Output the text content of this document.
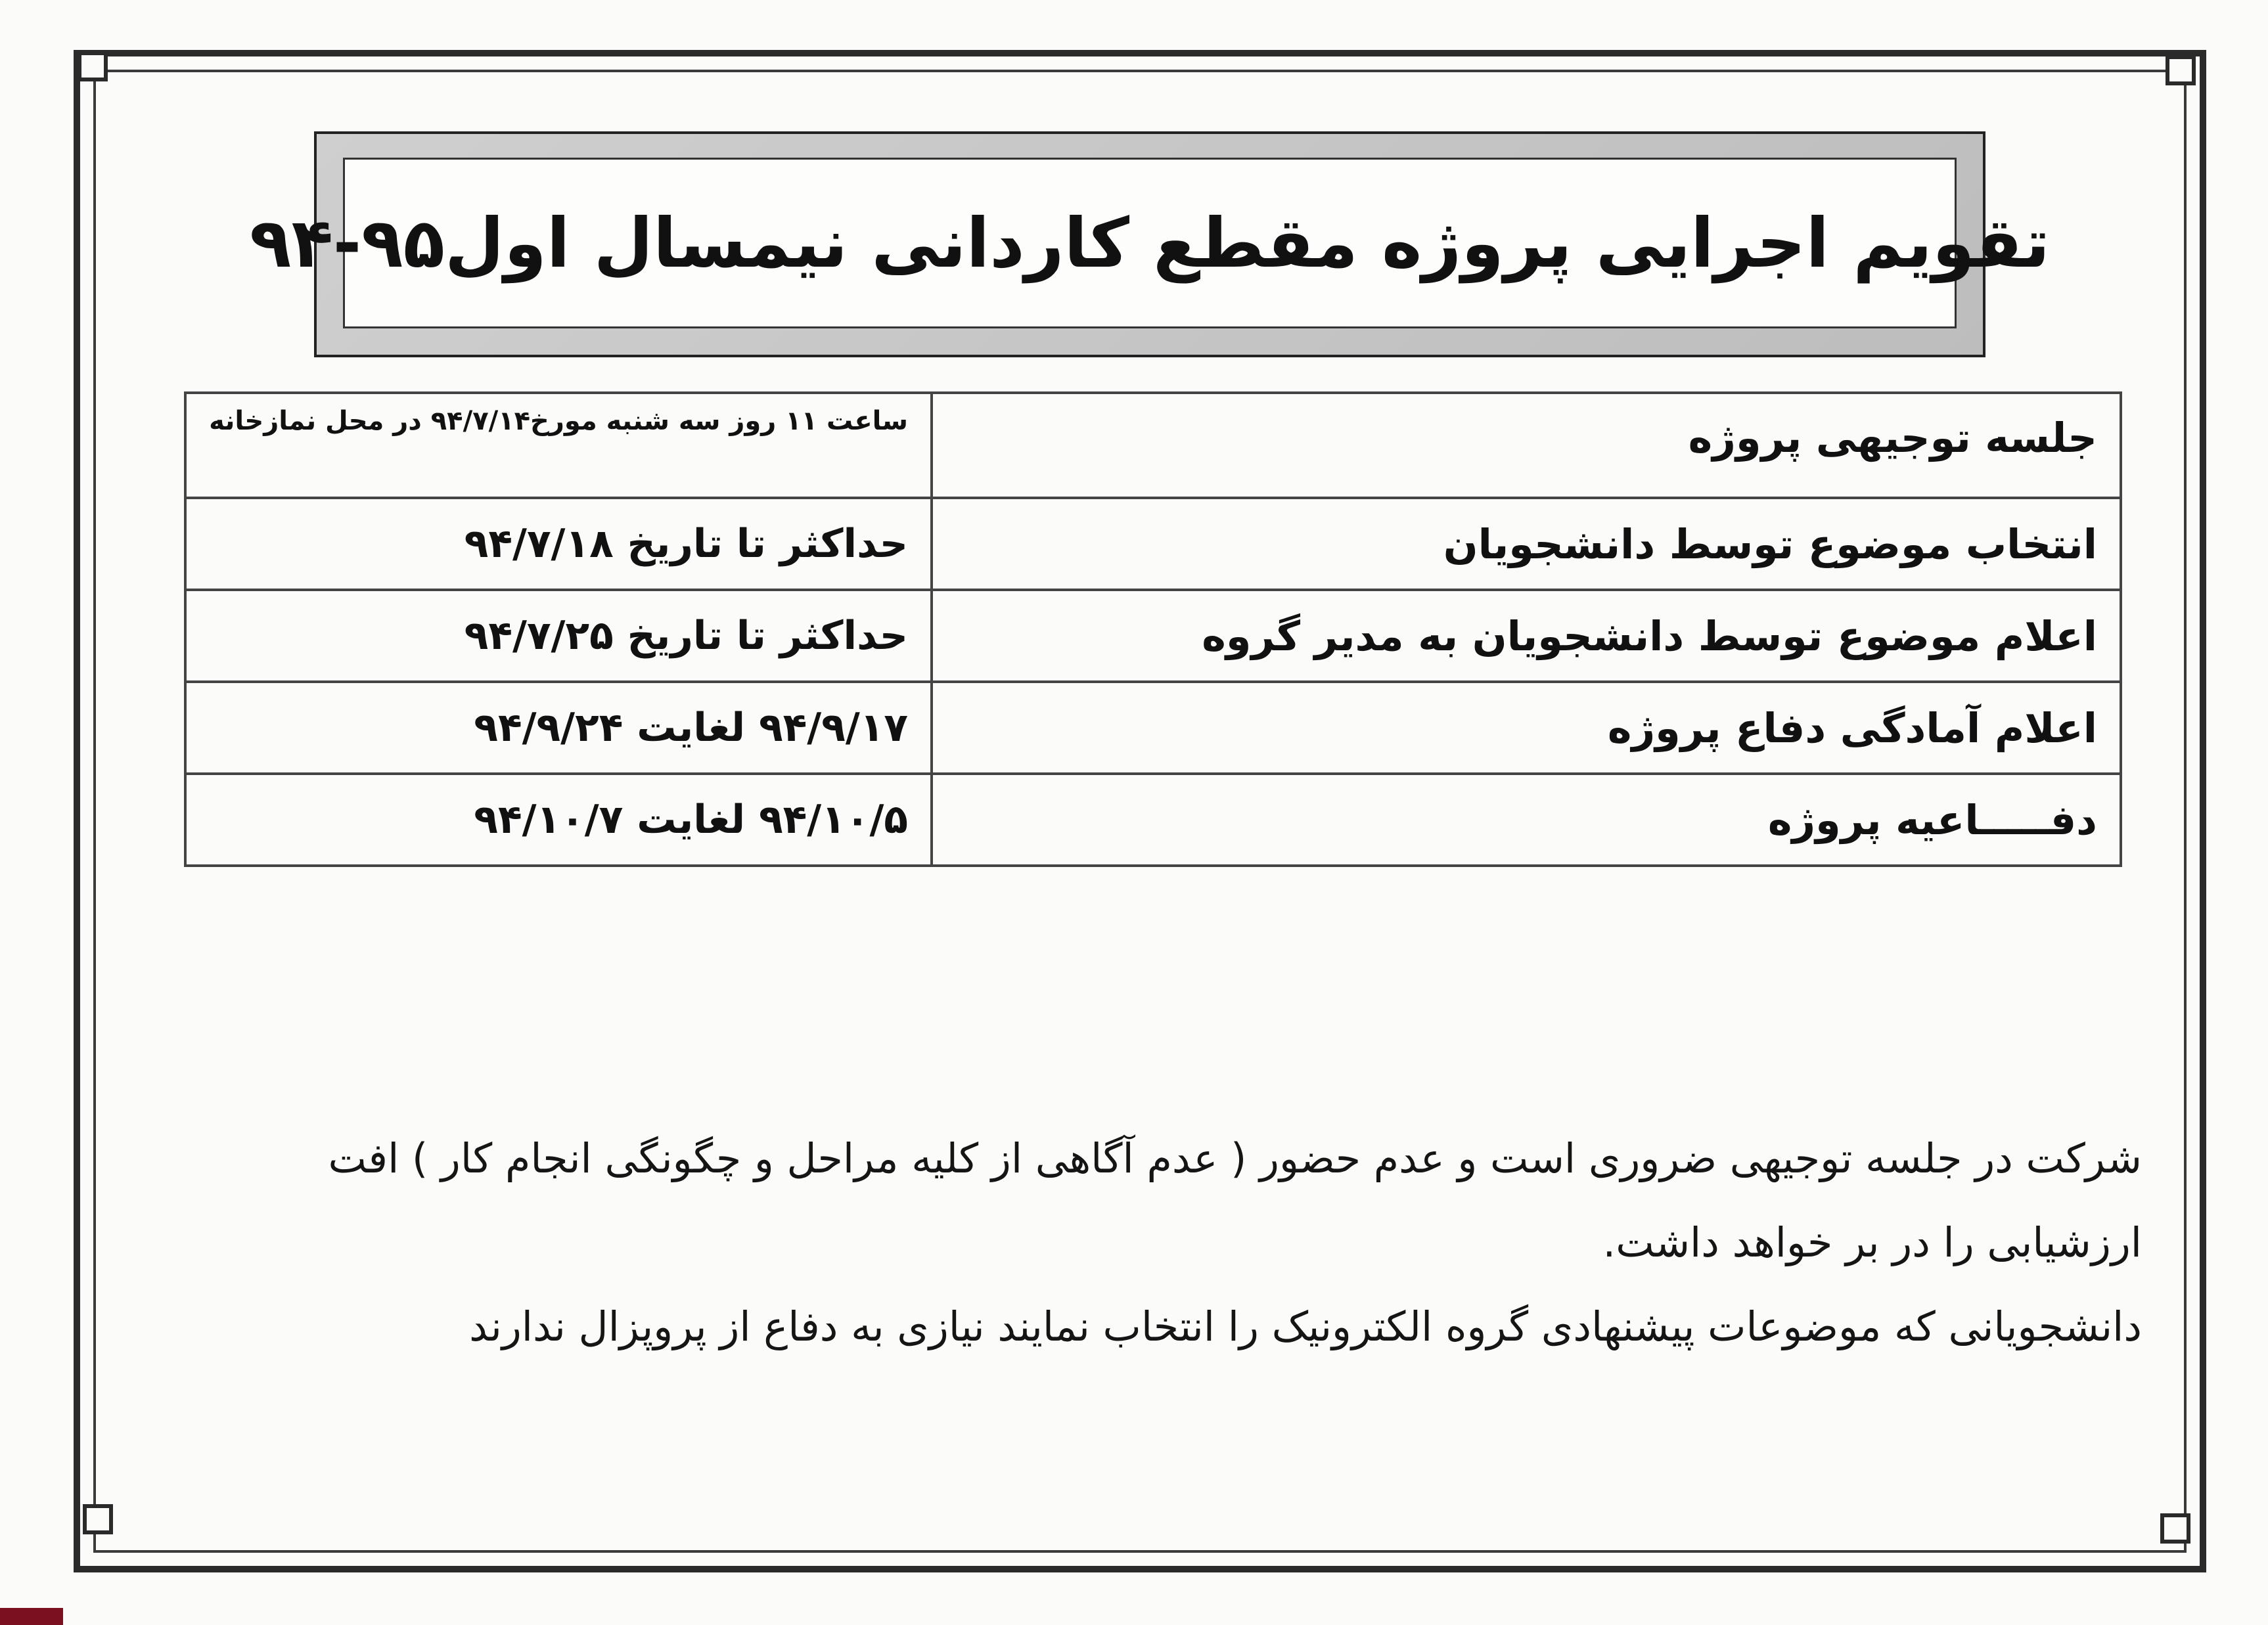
تقویم اجرایی پروژه مقطع کاردانی نیمسال اول۹۵-۹۴
جلسه توجیهی پروژه	ساعت ۱۱ روز سه شنبه مورخ۹۴/۷/۱۴ در محل نمازخانه
انتخاب موضوع توسط دانشجویان	حداکثر تا تاریخ ۹۴/۷/۱۸
اعلام موضوع توسط دانشجویان به مدیر گروه	حداکثر تا تاریخ ۹۴/۷/۲۵
اعلام آمادگی دفاع پروژه	۹۴/۹/۱۷ لغایت ۹۴/۹/۲۴
دفـــــاعیه پروژه	۹۴/۱۰/۵ لغایت ۹۴/۱۰/۷

شرکت در جلسه توجیهی ضروری است و عدم حضور ( عدم آگاهی از کلیه مراحل و چگونگی انجام کار ) افت

ارزشیابی را در بر خواهد داشت.

دانشجویانی که موضوعات پیشنهادی گروه الکترونیک را انتخاب نمایند نیازی به دفاع از پروپزال ندارند
